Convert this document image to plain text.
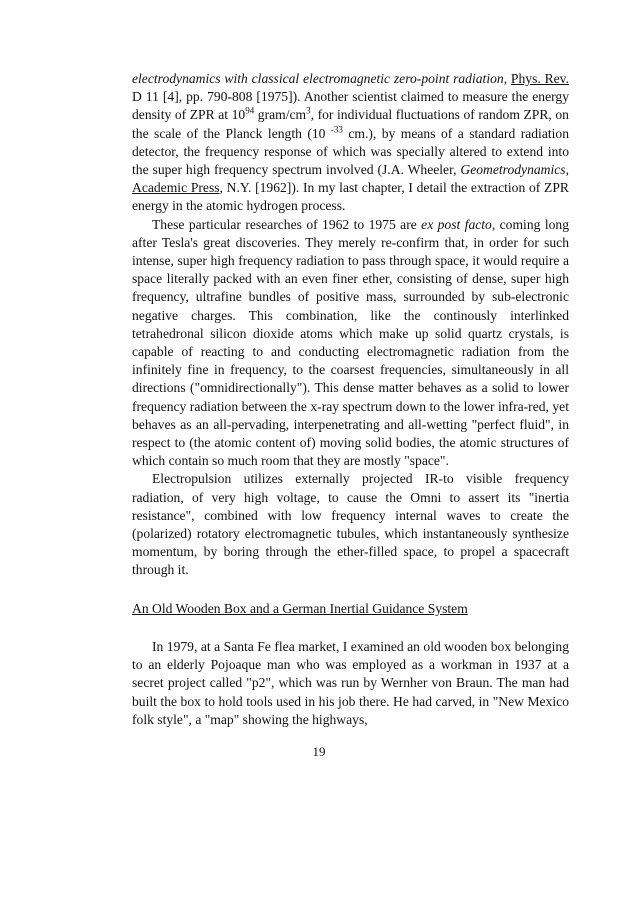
electrodynamics with classical electromagnetic zero-point radiation, Phys. Rev. D 11 [4], pp. 790-808 [1975]). Another scientist claimed to measure the energy density of ZPR at $10^{94}$ gram/$cm^3$, for individual fluctuations of random ZPR, on the scale of the Planck length (10 $^{-33}$ cm.), by means of a standard radiation detector, the frequency response of which was specially altered to extend into the super high frequency spectrum involved (J.A. Wheeler, Geometrodynamics, Academic Press, N.Y. [1962]). In my last chapter, I detail the extraction of ZPR energy in the atomic hydrogen process.

These particular researches of 1962 to 1975 are ex post facto, coming long after Tesla's great discoveries. They merely re-confirm that, in order for such intense, super high frequency radiation to pass through space, it would require a space literally packed with an even finer ether, consisting of dense, super high frequency, ultrafine bundles of positive mass, surrounded by sub-electronic negative charges. This combination, like the continously interlinked tetrahedronal silicon dioxide atoms which make up solid quartz crystals, is capable of reacting to and conducting electromagnetic radiation from the infinitely fine in frequency, to the coarsest frequencies, simultaneously in all directions ("omnidirectionally"). This dense matter behaves as a solid to lower frequency radiation between the x-ray spectrum down to the lower infra-red, yet behaves as an all-pervading, interpenetrating and all-wetting "perfect fluid", in respect to (the atomic content of) moving solid bodies, the atomic structures of which contain so much room that they are mostly "space".

Electropulsion utilizes externally projected IR-to visible frequency radiation, of very high voltage, to cause the Omni to assert its "inertia resistance", combined with low frequency internal waves to create the (polarized) rotatory electromagnetic tubules, which instantaneously synthesize momentum, by boring through the ether-filled space, to propel a spacecraft through it.

An Old Wooden Box and a German Inertial Guidance System

In 1979, at a Santa Fe flea market, I examined an old wooden box belonging to an elderly Pojoaque man who was employed as a workman in 1937 at a secret project called "p2", which was run by Wernher von Braun. The man had built the box to hold tools used in his job there. He had carved, in "New Mexico folk style", a "map" showing the highways,

19
